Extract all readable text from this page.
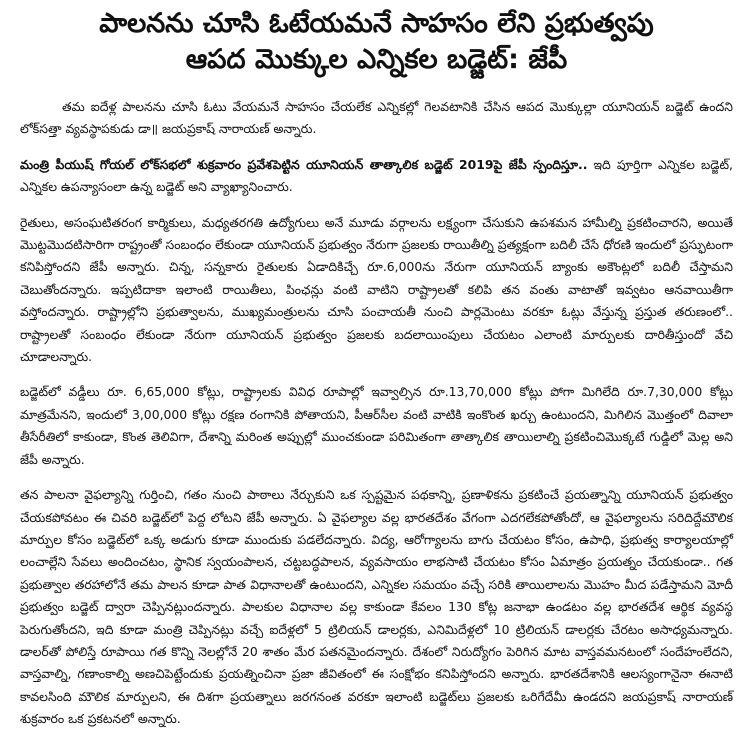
పాలనను చూసి ఓటేయమనే సాహసం లేని ప్రభుత్వపు
ఆపద మొక్కుల ఎన్నికల బడ్జెట్: జేపీ

తమ ఐదేళ్ల పాలనను చూసి ఓటు వేయమనే సాహసం చేయలేక ఎన్నికల్లో గెలవటానికి చేసిన ఆపద మొక్కుల్లా యూనియన్ బడ్జెట్ ఉందని లోక్‌సత్తా వ్యవస్థాపకుడు డా॥ జయప్రకాష్ నారాయణ్ అన్నారు.

మంత్రి పీయుష్ గోయల్ లోక్‌సభలో శుక్రవారం ప్రవేశపెట్టిన యూనియన్ తాత్కాలిక బడ్జెట్ 2019పై జేపీ స్పందిస్తూ.. ఇది పూర్తిగా ఎన్నికల బడ్జెట్, ఎన్నికల ఉపన్యాసంలా ఉన్న బడ్జెట్ అని వ్యాఖ్యానించారు.

రైతులు, అసంఘటితరంగ కార్మికులు, మధ్యతరగతి ఉద్యోగులు అనే మూడు వర్గాలను లక్ష్యంగా చేసుకుని ఉపశమన హామీల్ని ప్రకటించారని, అయితే మొట్టమొదటిసారిగా రాష్ట్రంతో సంబంధం లేకుండా యూనియన్ ప్రభుత్వం నేరుగా ప్రజలకు రాయితీల్ని ప్రత్యక్షంగా బదిలీ చేసే ధోరణి ఇందులో ప్రస్ఫుటంగా కనిపిస్తోందని జేపీ అన్నారు. చిన్న, సన్నకారు రైతులకు ఏడాదికిచ్చే రూ.6,000ను నేరుగా యూనియన్ బ్యాంకు అకౌంట్లలో బదిలీ చేస్తామని చెబుతోందన్నారు. ఇప్పటిదాకా ఇలాంటి రాయితీలు, పింఛన్లు వంటి వాటిని రాష్ట్రాలతో కలిపి తన వంతు వాటాతో ఇవ్వటం ఆనవాయితీగా వస్తోందన్నారు. రాష్ట్రాల్లోని ప్రభుత్వాలను, ముఖ్యమంత్రులను చూసి పంచాయతీ నుంచి పార్లమెంటు వరకూ ఓట్లు వేస్తున్న ప్రస్తుత తరుణంలో.. రాష్ట్రాలతో సంబంధం లేకుండా నేరుగా యూనియన్ ప్రభుత్వం ప్రజలకు బదలాయింపులు చేయటం ఎలాంటి మార్పులకు దారితీస్తుందో వేచి చూడాలన్నారు.

బడ్జెట్‌లో వడ్డీలు రూ. 6,65,000 కోట్లు, రాష్ట్రాలకు వివిధ రూపాల్లో ఇవ్వాల్సిన రూ.13,70,000 కోట్లు పోగా మిగిలేది రూ.7,30,000 కోట్లు మాత్రమేనని, ఇందులో 3,00,000 కోట్లు రక్షణ రంగానికి పోతాయని, పీఆర్‌సీల వంటి వాటికి ఇంకొంత ఖర్చు ఉంటుందని, మిగిలిన మొత్తంలో దివాలా తీసేరీతిలో కాకుండా, కొంత తెలివిగా, దేశాన్ని మరింత అప్పుల్లో ముంచకుండా పరిమితంగా తాత్కాలిక తాయిలాల్ని ప్రకటించిమొక్కటే గుడ్డిలో మెల్ల అని జేపీ అన్నారు.

తన పాలనా వైఫల్యాన్ని గుర్తించి, గతం నుంచి పాఠాలు నేర్చుకుని ఒక స్పష్టమైన పథకాన్ని, ప్రణాళికను ప్రకటించే ప్రయత్నాన్ని యూనియన్ ప్రభుత్వం చేయకపోవటం ఈ చివరి బడ్జెట్‌లో పెద్ద లోటని జేపీ అన్నారు. ఏ వైఫల్యాల వల్ల భారతదేశం వేగంగా ఎదగలేకపోతోందో, ఆ వైఫల్యాలను సరిదిద్దేమౌలిక మార్పుల కోసం బడ్జెట్‌లో ఒక్క అడుగు కూడా ముందుకు పడలేదన్నారు. విద్య, ఆరోగ్యాలను బాగు చేయటం కోసం, ఉపాధి, ప్రభుత్వ కార్యాలయాల్లో లంచాల్లేని సేవలు అందించటం, స్థానిక స్వయంపాలన, చట్టబద్ధపాలన, వ్యవసాయం లాభసాటి చేయటం కోసం ఏమాత్రం ప్రయత్నం చేయకుండా.. గత ప్రభుత్వాల తరహాలోనే తమ పాలన కూడా పాత విధానాలతో ఉంటుందని, ఎన్నికల సమయం వచ్చే సరికి తాయిలాలను మొహం మీద పడేస్తామని మోదీ ప్రభుత్వం బడ్జెట్ ద్వారా చెప్పినట్లుందన్నారు. పాలకుల విధానాల వల్ల కాకుండా కేవలం 130 కోట్ల జనాభా ఉండటం వల్ల భారతదేశ ఆర్థిక వ్యవస్థ పెరుగుతోందని, ఇది కూడా మంత్రి చెప్పినట్లు వచ్చే ఐదేళ్లలో 5 ట్రిలియన్ డాలర్లకు, ఎనిమిదేళ్లలో 10 ట్రిలియన్ డాలర్లకు చేరటం అసాధ్యమన్నారు. డాలర్‌తో పోలిస్తే రూపాయి గత కొన్ని నెలల్లోనే 20 శాతం మేర పతనమైందన్నారు. దేశంలో నిరుద్యోగం పెరిగిన మాట వాస్తవమనటంలో సందేహంలేదని, వాస్తవాల్ని, గణాంకాల్ని అణచిపెట్టేందుకు ప్రయత్నించినా ప్రజా జీవితంలో ఈ సంక్షోభం కనిపిస్తోందని అన్నారు. భారతదేశానికి ఆలస్యంగానైనా ఈనాటి కావలసింది మౌలిక మార్పులని, ఈ దిశగా ప్రయత్నాలు జరగనంత వరకూ ఇలాంటి బడ్జెట్‌లు ప్రజలకు ఒరిగేదేమీ ఉండదని జయప్రకాష్ నారాయణ్ శుక్రవారం ఒక ప్రకటనలో అన్నారు.
